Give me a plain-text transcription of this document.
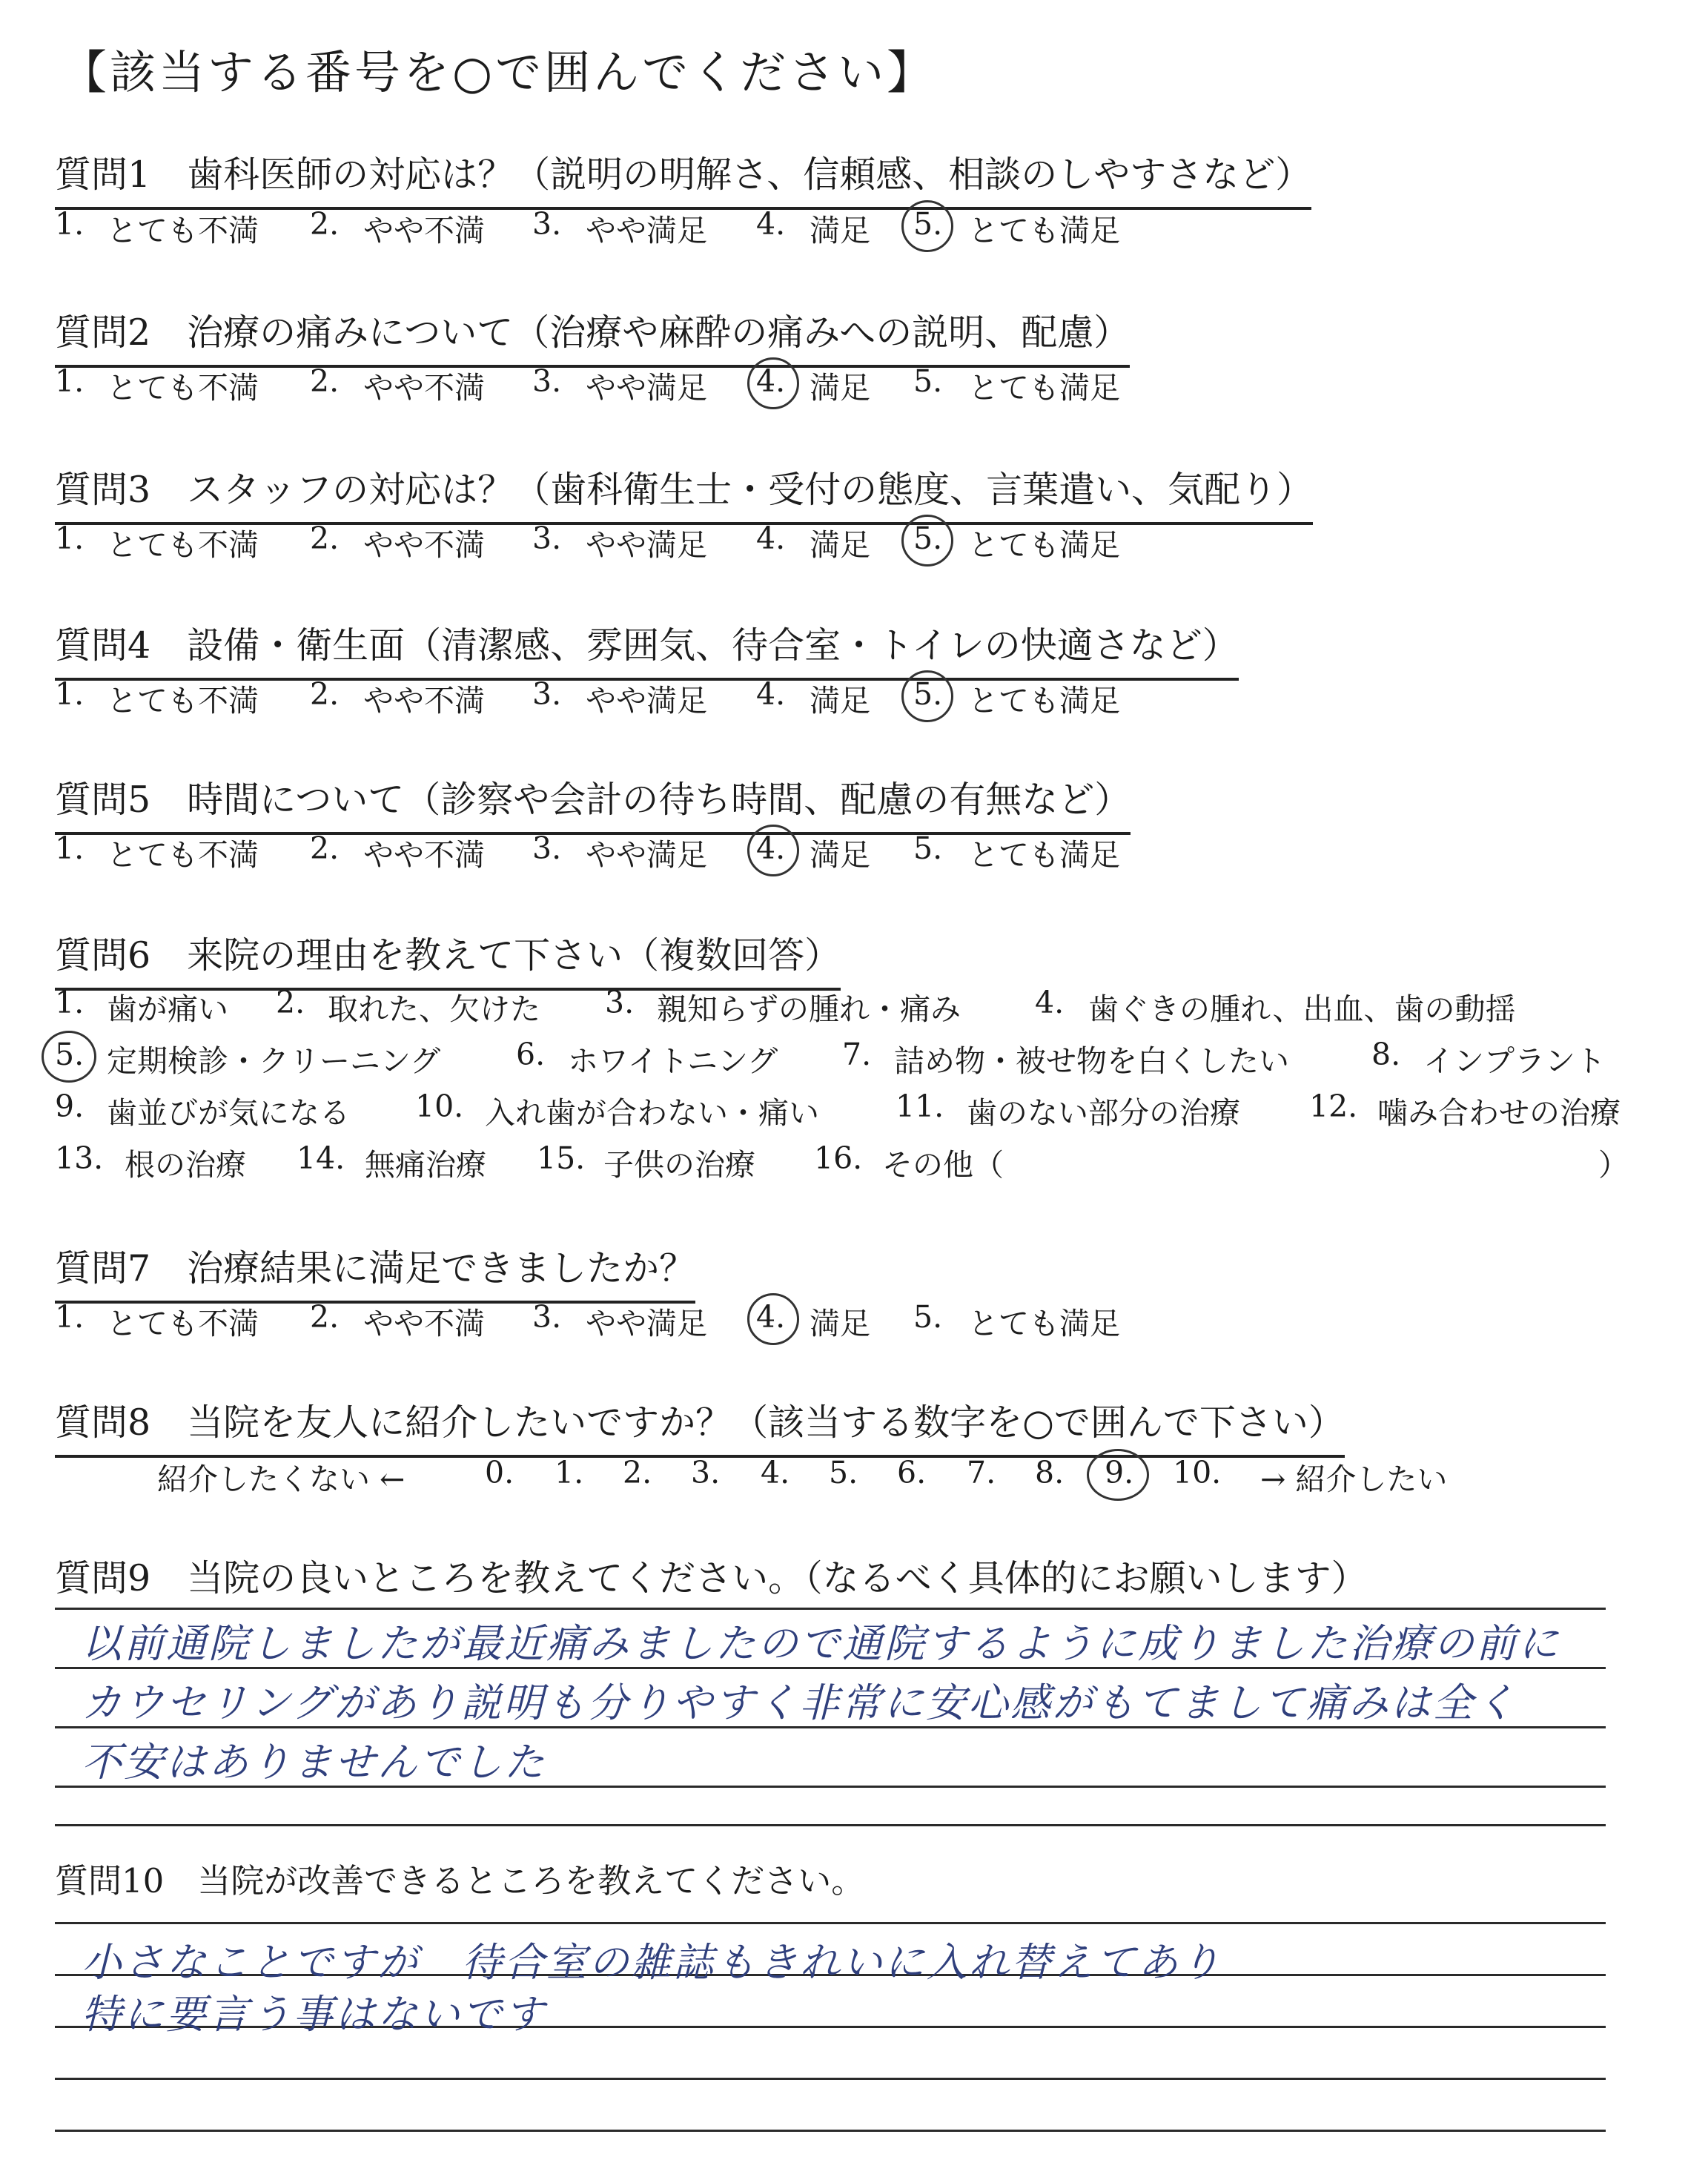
【該当する番号を○で囲んでください】
質問1　歯科医師の対応は？（説明の明解さ、信頼感、相談のしやすさなど）
1. とても不満 2. やや不満 3. やや満足 4. 満足 5. とても満足
質問2　治療の痛みについて（治療や麻酔の痛みへの説明、配慮）
1. とても不満 2. やや不満 3. やや満足 4. 満足 5. とても満足
質問3　スタッフの対応は？（歯科衛生士・受付の態度、言葉遣い、気配り）
1. とても不満 2. やや不満 3. やや満足 4. 満足 5. とても満足
質問4　設備・衛生面（清潔感、雰囲気、待合室・トイレの快適さなど）
1. とても不満 2. やや不満 3. やや満足 4. 満足 5. とても満足
質問5　時間について（診察や会計の待ち時間、配慮の有無など）
1. とても不満 2. やや不満 3. やや満足 4. 満足 5. とても満足
質問6　来院の理由を教えて下さい（複数回答）
1. 歯が痛い 2. 取れた、欠けた 3. 親知らずの腫れ・痛み 4. 歯ぐきの腫れ、出血、歯の動揺
5. 定期検診・クリーニング 6. ホワイトニング 7. 詰め物・被せ物を白くしたい	8. インプラント
9. 歯並びが気になる 10. 入れ歯が合わない・痛い	11. 歯のない部分の治療 12. 噛み合わせの治療
13. 根の治療 14. 無痛治療 15. 子供の治療 16. その他（	）
質問7　治療結果に満足できましたか？
1. とても不満 2. やや不満 3. やや満足 4. 満足 5. とても満足
質問8　当院を友人に紹介したいですか？（該当する数字を○で囲んで下さい）
紹介したくない ←	0. 1. 2. 3. 4. 5. 6. 7. 8. 9. 10. → 紹介したい
質問9　当院の良いところを教えてください。（なるべく具体的にお願いします）
以前通院しましたが最近痛みましたので通院するように成りました治療の前に
カウセリングがあり説明も分りやすく非常に安心感がもてまして痛みは全く
不安はありませんでした
質問10　当院が改善できるところを教えてください。
小さなことですが　待合室の雑誌もきれいに入れ替えてあり
特に要言う事はないです
